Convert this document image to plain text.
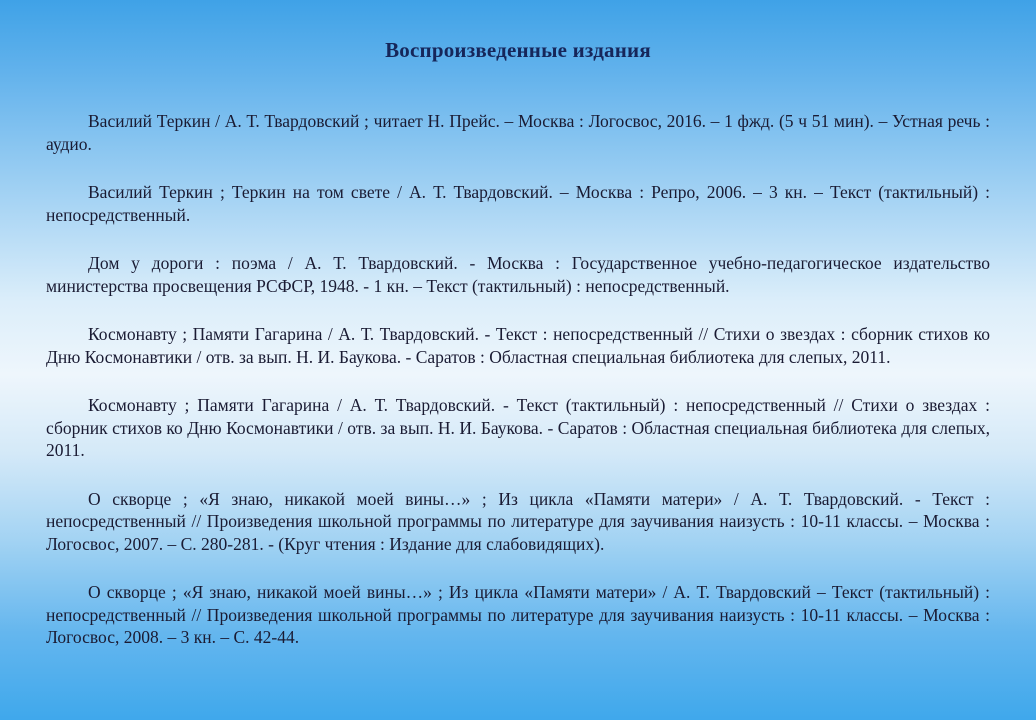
Воспроизведенные издания

Василий Теркин / А. Т. Твардовский ; читает Н. Прейс. – Москва : Логосвос, 2016. – 1 фжд. (5 ч 51 мин). – Устная речь : аудио.

Василий Теркин ; Теркин на том свете / А. Т. Твардовский. – Москва : Репро, 2006. – 3 кн. – Текст (тактильный) : непосредственный.

Дом у дороги : поэма / А. Т. Твардовский. - Москва : Государственное учебно-педагогическое издательство министерства просвещения РСФСР, 1948. - 1 кн. – Текст (тактильный) : непосредственный.

Космонавту ; Памяти Гагарина / А. Т. Твардовский. - Текст : непосредственный // Стихи о звездах : сборник стихов ко Дню Космонавтики / отв. за вып. Н. И. Баукова. - Саратов : Областная специальная библиотека для слепых, 2011.

Космонавту ; Памяти Гагарина / А. Т. Твардовский. - Текст (тактильный) : непосредственный // Стихи о звездах : сборник стихов ко Дню Космонавтики / отв. за вып. Н. И. Баукова. - Саратов : Областная специальная библиотека для слепых, 2011.

О скворце ; «Я знаю, никакой моей вины…» ; Из цикла «Памяти матери» / А. Т. Твардовский. - Текст : непосредственный // Произведения школьной программы по литературе для заучивания наизусть : 10-11 классы. – Москва : Логосвос, 2007. – С. 280-281. - (Круг чтения : Издание для слабовидящих).

О скворце ; «Я знаю, никакой моей вины…» ; Из цикла «Памяти матери» / А. Т. Твардовский – Текст (тактильный) : непосредственный // Произведения школьной программы по литературе для заучивания наизусть : 10-11 классы. – Москва : Логосвос, 2008. – 3 кн. – С. 42-44.
